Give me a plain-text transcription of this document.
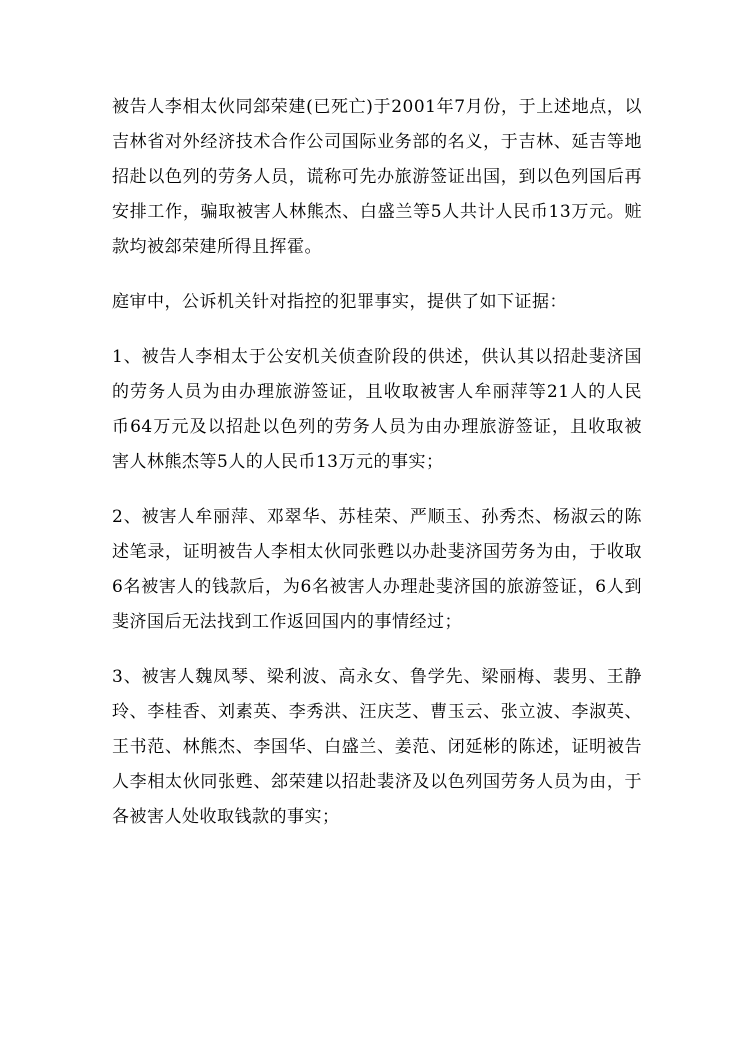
被告人李相太伙同郐荣建(已死亡)于2001年7月份，于上述地点，以吉林省对外经济技术合作公司国际业务部的名义，于吉林、延吉等地招赴以色列的劳务人员，谎称可先办旅游签证出国，到以色列国后再安排工作，骗取被害人林熊杰、白盛兰等5人共计人民币13万元。赃款均被郐荣建所得且挥霍。

庭审中，公诉机关针对指控的犯罪事实，提供了如下证据：

1、被告人李相太于公安机关侦查阶段的供述，供认其以招赴斐济国的劳务人员为由办理旅游签证，且收取被害人牟丽萍等21人的人民币64万元及以招赴以色列的劳务人员为由办理旅游签证，且收取被害人林熊杰等5人的人民币13万元的事实；

2、被害人牟丽萍、邓翠华、苏桂荣、严顺玉、孙秀杰、杨淑云的陈述笔录，证明被告人李相太伙同张甦以办赴斐济国劳务为由，于收取6名被害人的钱款后，为6名被害人办理赴斐济国的旅游签证，6人到斐济国后无法找到工作返回国内的事情经过；

3、被害人魏凤琴、梁利波、高永女、鲁学先、梁丽梅、裴男、王静玲、李桂香、刘素英、李秀洪、汪庆芝、曹玉云、张立波、李淑英、王书范、林熊杰、李国华、白盛兰、姜范、闭延彬的陈述，证明被告人李相太伙同张甦、郐荣建以招赴裴济及以色列国劳务人员为由，于各被害人处收取钱款的事实；
